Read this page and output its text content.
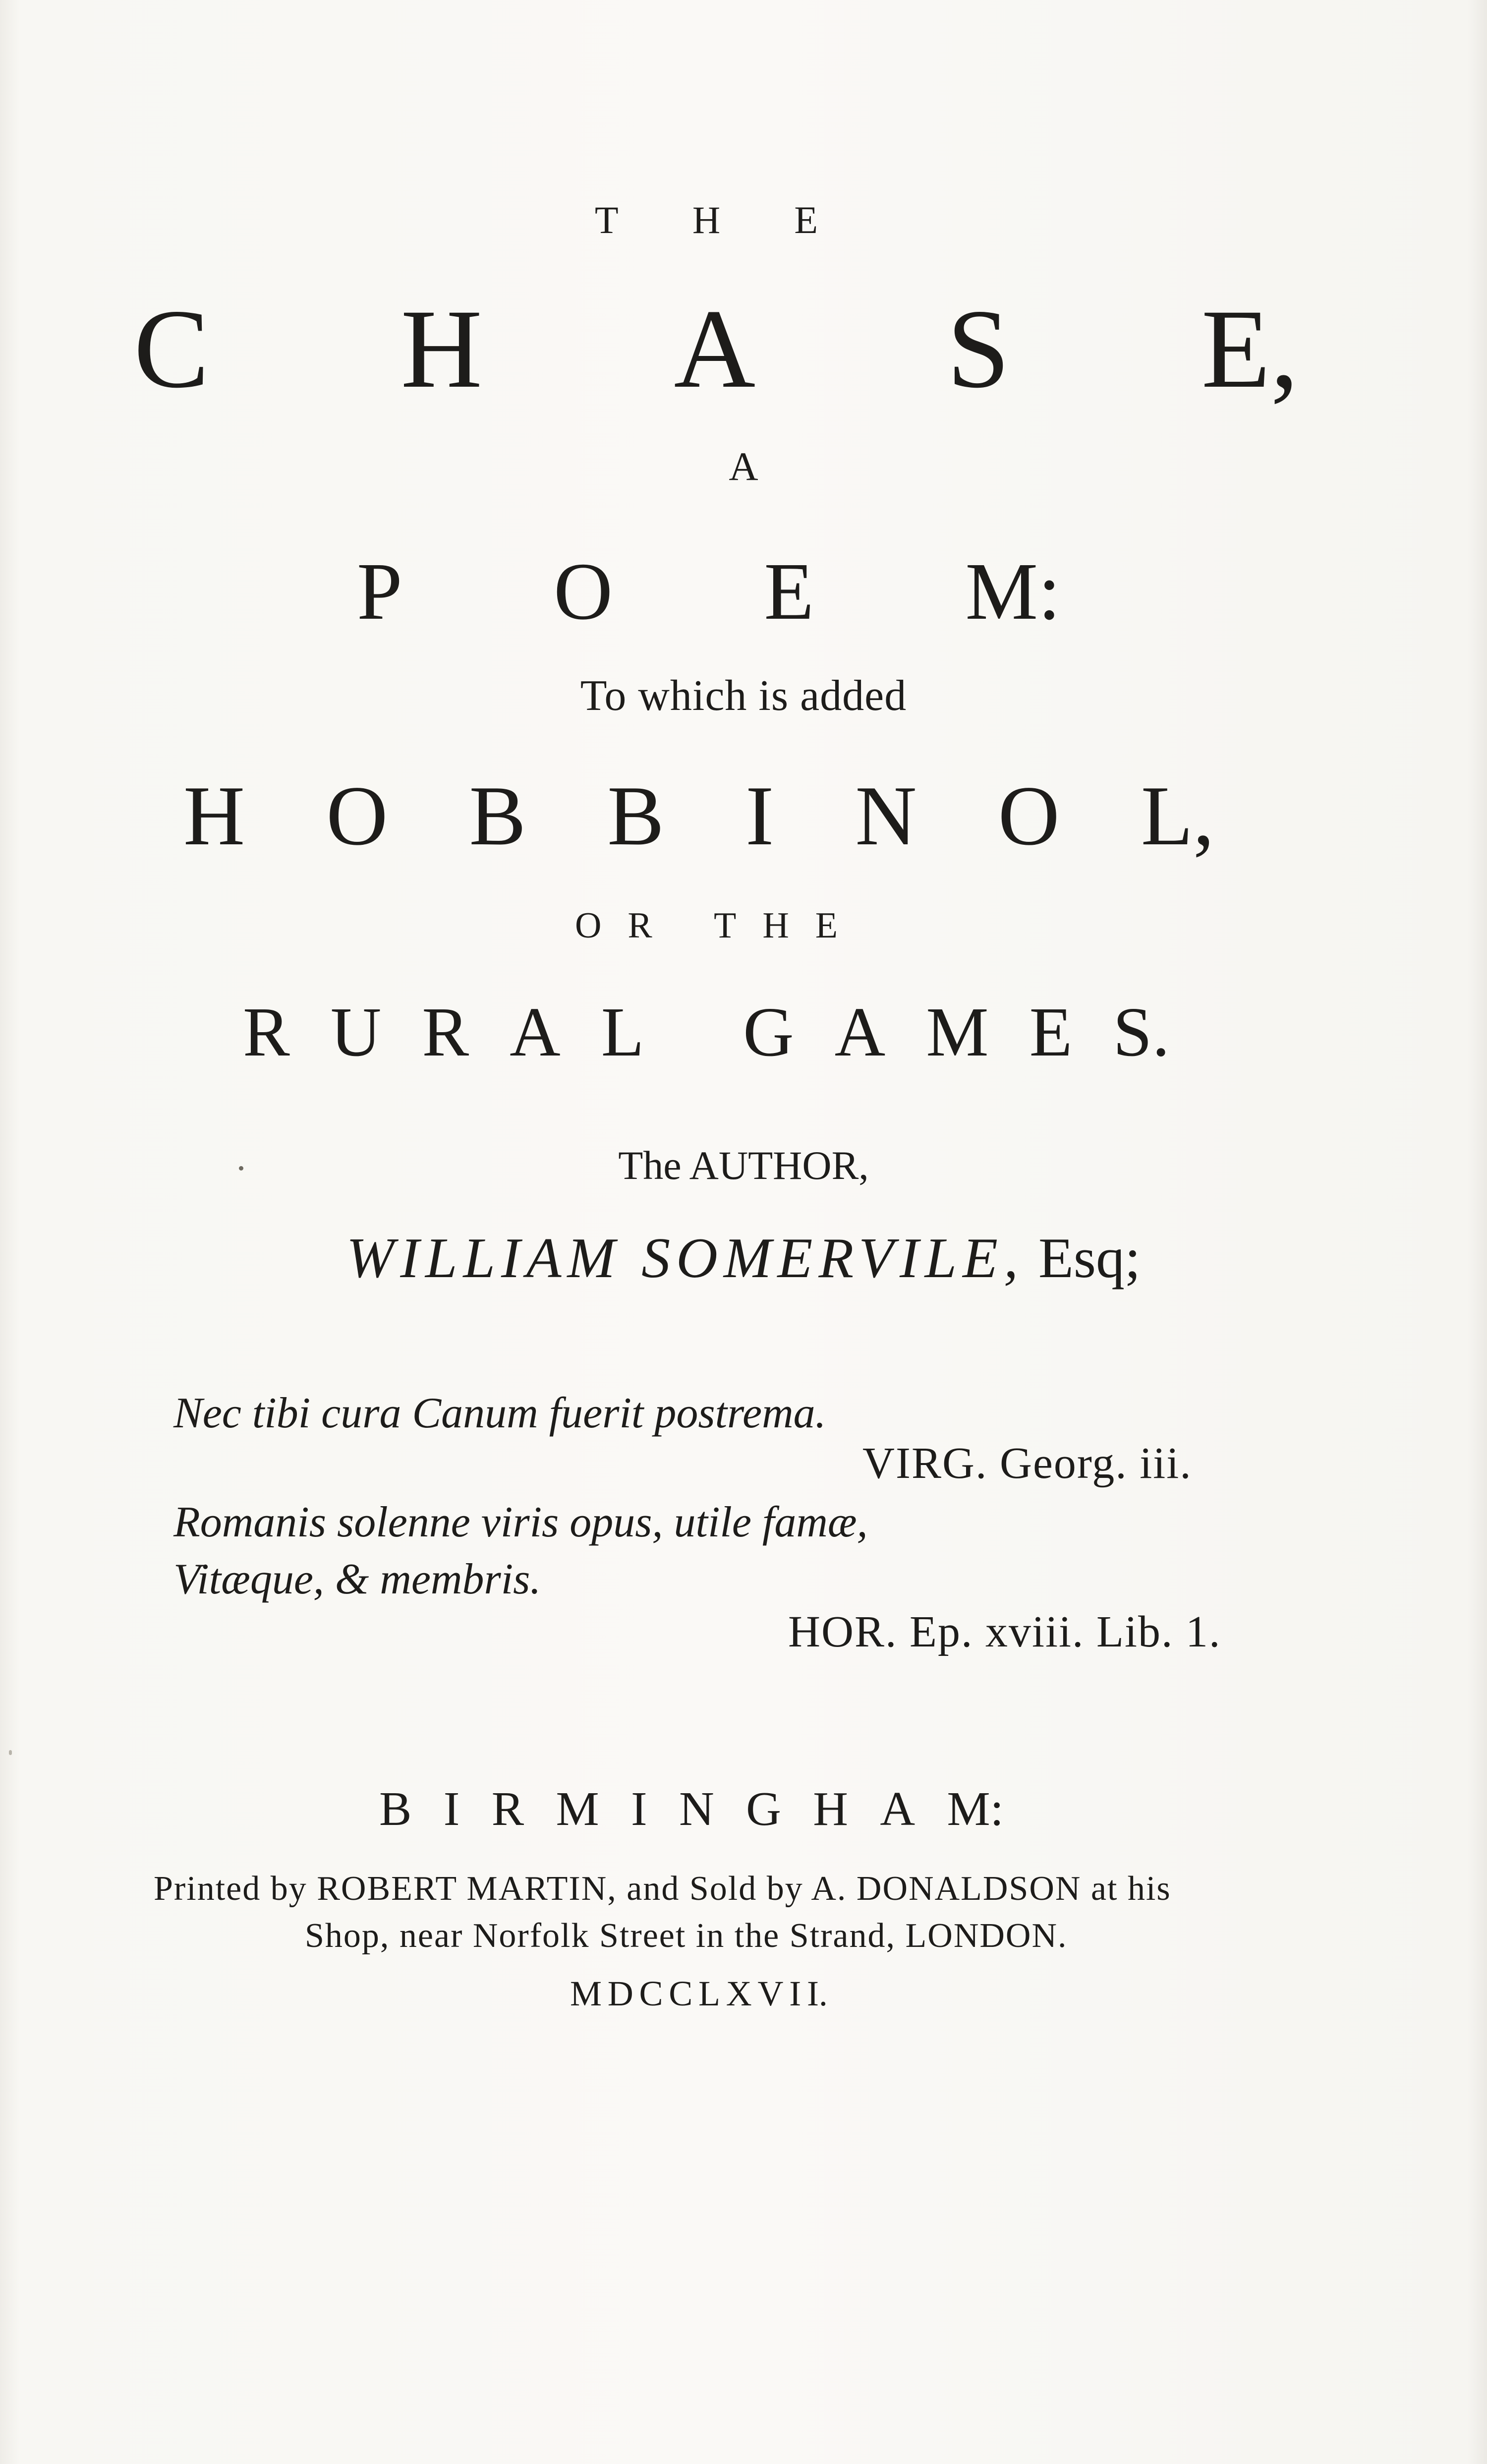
T H E
C H A S E,
A
P O E M:
To which is added
H O B B I N O L,
O R
T H E
R U R A L
G A M E S.
The AUTHOR,
WILLIAM SOMERVILE, Esq;
Nec tibi cura Canum fuerit postrema.
VIRG. Georg. iii.
Romanis solenne viris opus, utile famæ,
Vitæque, & membris.
HOR. Ep. xviii. Lib. 1.
B I R M I N G H A M:
Printed by ROBERT MARTIN, and Sold by A. DONALDSON at his
Shop, near Norfolk Street in the Strand, LONDON.
M D C C L X V I I.
